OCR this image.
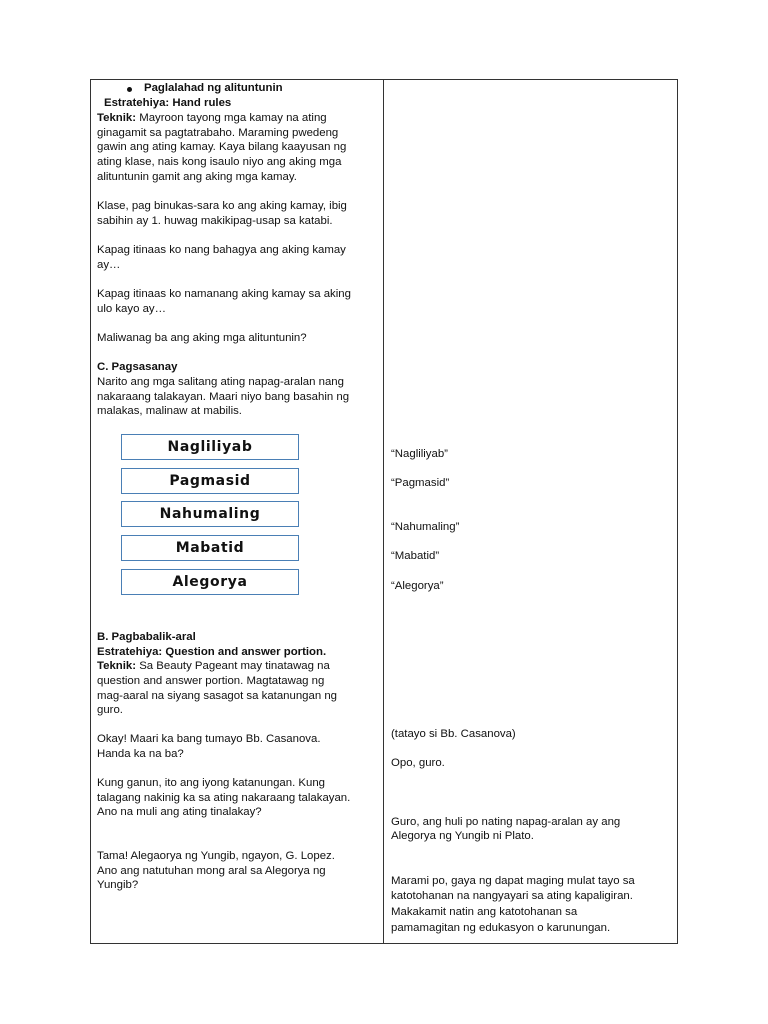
Paglalahad ng alituntunin
Estratehiya: Hand rules
Teknik: Mayroon tayong mga kamay na ating
ginagamit sa pagtatrabaho. Maraming pwedeng
gawin ang ating kamay. Kaya bilang kaayusan ng
ating klase, nais kong isaulo niyo ang aking mga
alituntunin gamit ang aking mga kamay.
Klase, pag binukas-sara ko ang aking kamay, ibig
sabihin ay 1. huwag makikipag-usap sa katabi.
Kapag itinaas ko nang bahagya ang aking kamay
ay…
Kapag itinaas ko namanang aking kamay sa aking
ulo kayo ay…
Maliwanag ba ang aking mga alituntunin?
C. Pagsasanay
Narito ang mga salitang ating napag-aralan nang
nakaraang talakayan. Maari niyo bang basahin ng
malakas, malinaw at mabilis.
Nagliliyab
Pagmasid
Nahumaling
Mabatid
Alegorya
B. Pagbabalik-aral
Estratehiya: Question and answer portion.
Teknik: Sa Beauty Pageant may tinatawag na
question and answer portion. Magtatawag ng
mag-aaral na siyang sasagot sa katanungan ng
guro.
Okay! Maari ka bang tumayo Bb. Casanova.
Handa ka na ba?
Kung ganun, ito ang iyong katanungan. Kung
talagang nakinig ka sa ating nakaraang talakayan.
Ano na muli ang ating tinalakay?
Tama! Alegaorya ng Yungib, ngayon, G. Lopez.
Ano ang natutuhan mong aral sa Alegorya ng
Yungib?
“Nagliliyab”
“Pagmasid”
“Nahumaling”
“Mabatid”
“Alegorya”
(tatayo si Bb. Casanova)
Opo, guro.
Guro, ang huli po nating napag-aralan ay ang
Alegorya ng Yungib ni Plato.
Marami po, gaya ng dapat maging mulat tayo sa
katotohanan na nangyayari sa ating kapaligiran.
Makakamit natin ang katotohanan sa
pamamagitan ng edukasyon o karunungan.
